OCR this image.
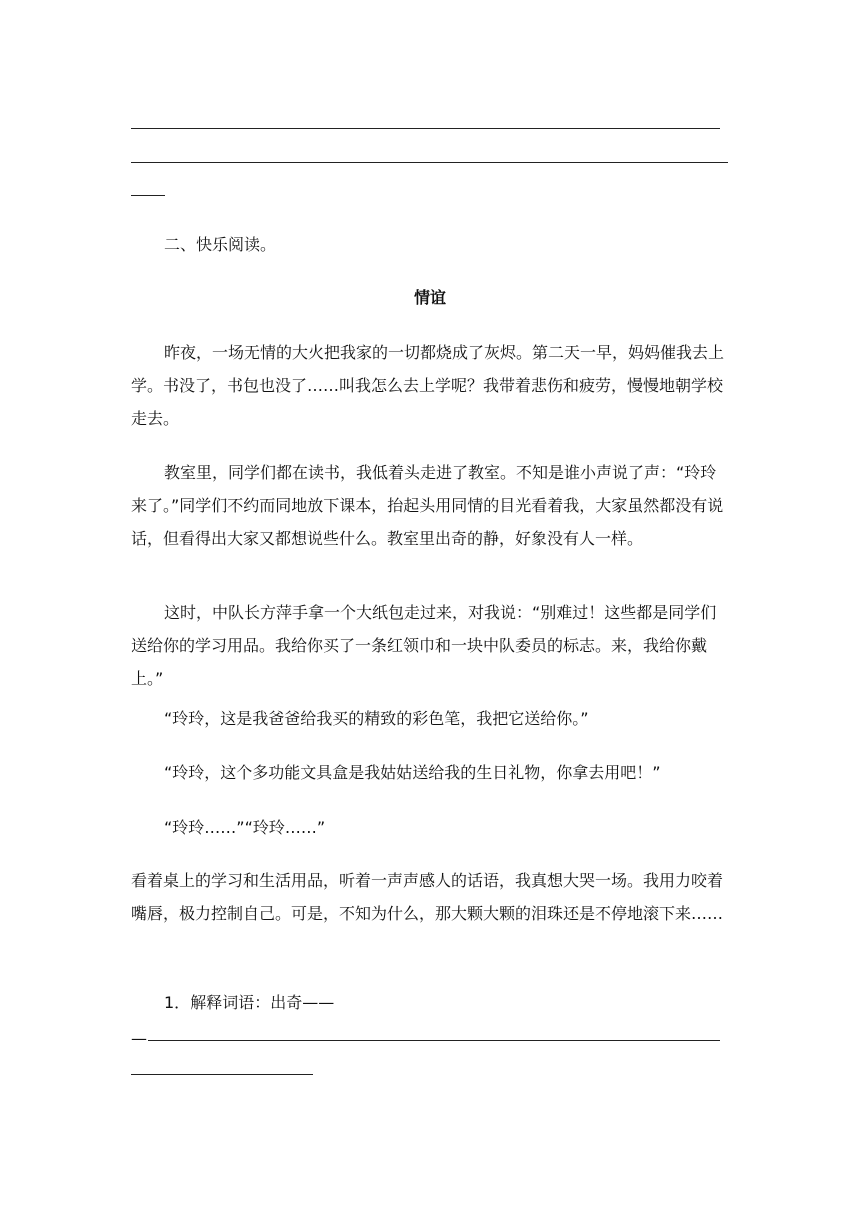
二、快乐阅读。

情谊

昨夜，一场无情的大火把我家的一切都烧成了灰烬。第二天一早，妈妈催我去上学。书没了，书包也没了……叫我怎么去上学呢？我带着悲伤和疲劳，慢慢地朝学校走去。

教室里，同学们都在读书，我低着头走进了教室。不知是谁小声说了声：“玲玲来了。”同学们不约而同地放下课本，抬起头用同情的目光看着我，大家虽然都没有说话，但看得出大家又都想说些什么。教室里出奇的静，好象没有人一样。

这时，中队长方萍手拿一个大纸包走过来，对我说：“别难过！这些都是同学们送给你的学习用品。我给你买了一条红领巾和一块中队委员的标志。来，我给你戴上。”

“玲玲，这是我爸爸给我买的精致的彩色笔，我把它送给你。”

“玲玲，这个多功能文具盒是我姑姑送给我的生日礼物，你拿去用吧！”

“玲玲……”“玲玲……”

看着桌上的学习和生活用品，听着一声声感人的话语，我真想大哭一场。我用力咬着嘴唇，极力控制自己。可是，不知为什么，那大颗大颗的泪珠还是不停地滚下来……

1．解释词语：出奇——

—
